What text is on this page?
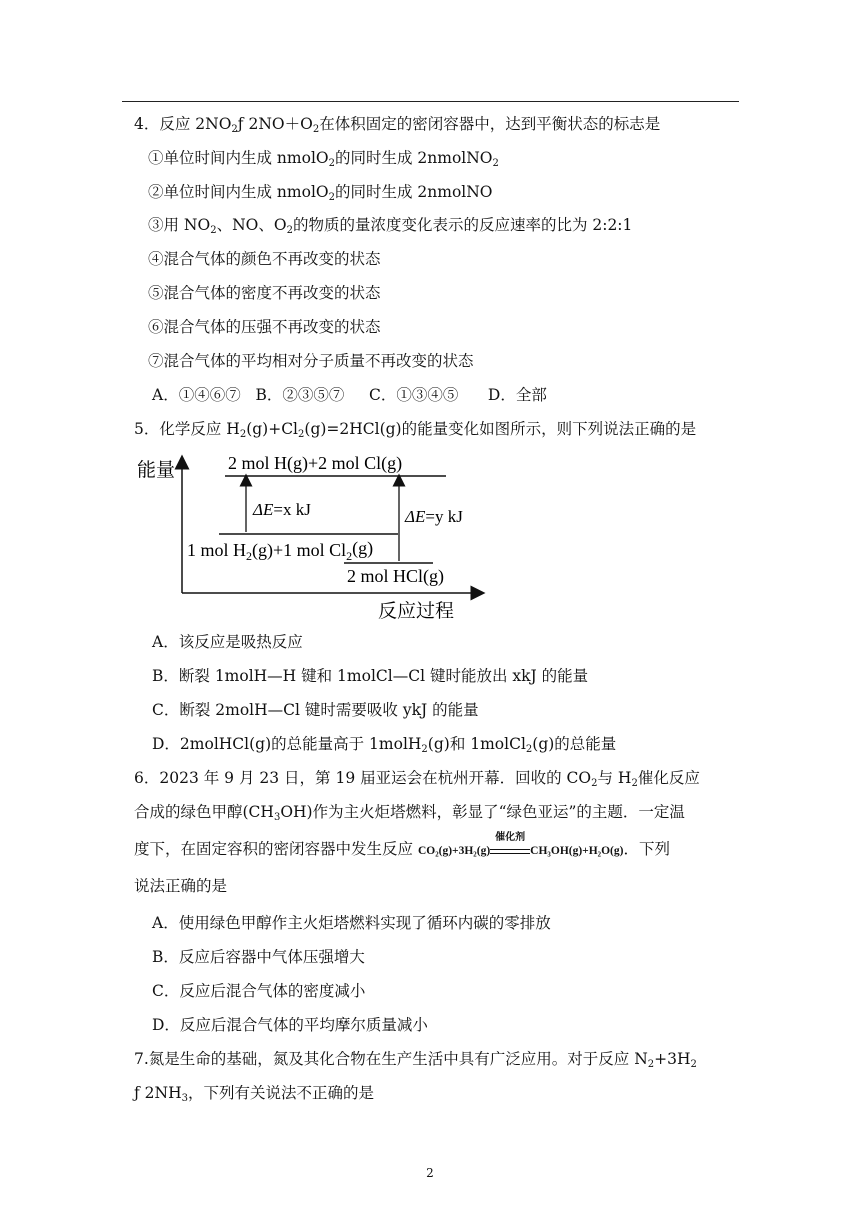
4．反应 $2NO_2ƒ$ $2NO+O_2$在体积固定的密闭容器中，达到平衡状态的标志是
①单位时间内生成 nmolO$_2$的同时生成 2nmolNO$_2$
②单位时间内生成 nmolO$_2$的同时生成 2nmolNO
③用 $NO_2$、NO、$O_2$的物质的量浓度变化表示的反应速率的比为 2:2:1
④混合气体的颜色不再改变的状态
⑤混合气体的密度不再改变的状态
⑥混合气体的压强不再改变的状态
⑦混合气体的平均相对分子质量不再改变的状态
A．①④⑥⑦   B．②③⑤⑦     C．①③④⑤      D．全部
5．化学反应 $H_2(g)+Cl_2(g)=2HCl(g)$的能量变化如图所示，则下列说法正确的是
能量
反应过程
2 mol H(g)+2 mol Cl(g)
1 mol $H_2(g)+1$ mol $Cl_2(g)$
2 mol HCl(g)
ΔE=x kJ	ΔE=y kJ
A．该反应是吸热反应
B．断裂 1molH—H 键和 1molCl—Cl 键时能放出 xkJ 的能量
C．断裂 2molH—Cl 键时需要吸收 ykJ 的能量
D．2molHCl(g)的总能量高于 1molH$_2$(g)和 1molCl$_2$(g)的总能量
6．2023 年 9 月 23 日，第 19 届亚运会在杭州开幕．回收的 $CO_2$与 $H_2$催化反应
合成的绿色甲醇$(CH_3OH)$作为主火炬塔燃料，彰显了“绿色亚运”的主题．一定温
度下，在固定容积的密闭容器中发生反应 CO₂(g)+3H₂(g)
催化剂
CH₃OH(g)+H₂O(g)．下列
说法正确的是
A．使用绿色甲醇作主火炬塔燃料实现了循环内碳的零排放
B．反应后容器中气体压强增大
C．反应后混合气体的密度减小
D．反应后混合气体的平均摩尔质量减小
7.氮是生命的基础，氮及其化合物在生产生活中具有广泛应用。对于反应 $N_2+3H_2$
ƒ $2NH_3$，下列有关说法不正确的是
2
